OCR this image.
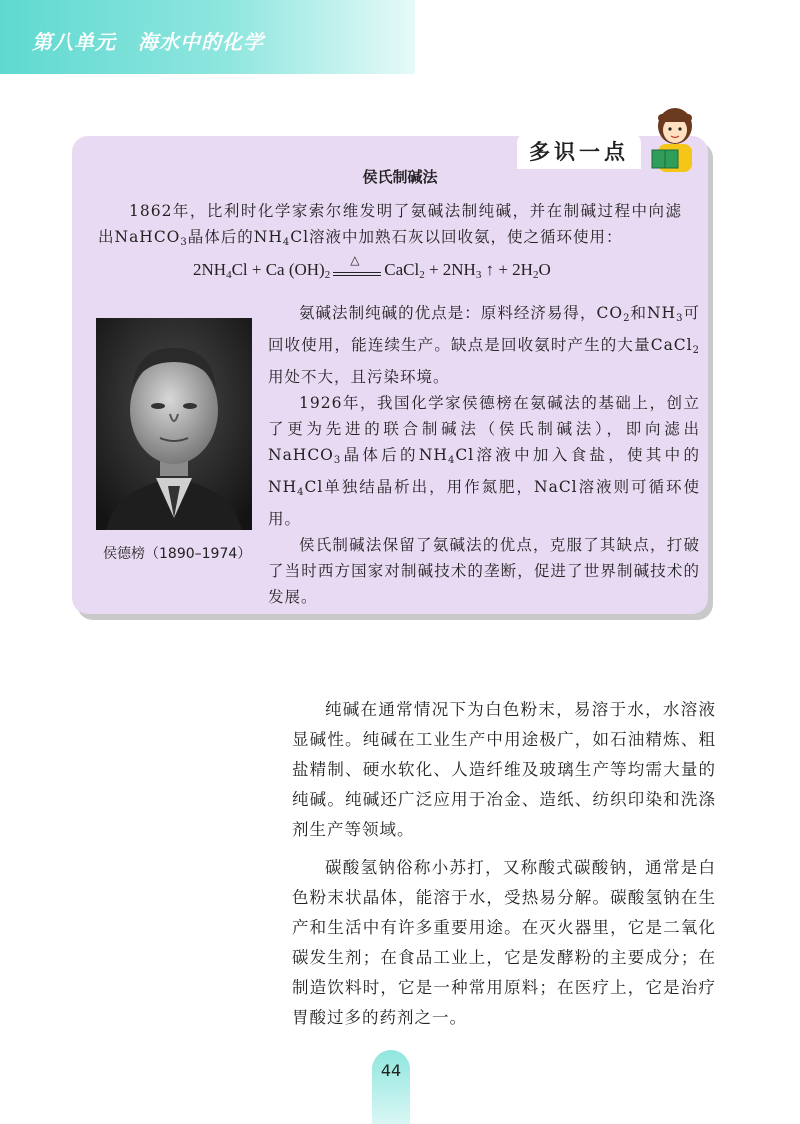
第八单元 海水中的化学
多识一点
侯氏制碱法
1862年，比利时化学家索尔维发明了氨碱法制纯碱，并在制碱过程中向滤出NaHCO$_3$晶体后的$NH_4Cl$溶液中加熟石灰以回收氨，使之循环使用：
$2NH_4Cl + Ca$ $(OH)_2$
△ CaCl$_2$ + $2NH_3$ ↑ + $2H_2O$
侯德榜（1890–1974）

氨碱法制纯碱的优点是：原料经济易得，$CO_2$和$NH_3$可回收使用，能连续生产。缺点是回收氨时产生的大量CaCl$_2$用处不大，且污染环境。

1926年，我国化学家侯德榜在氨碱法的基础上，创立了更为先进的联合制碱法（侯氏制碱法），即向滤出NaHCO$_3$晶体后的$NH_4Cl$溶液中加入食盐，使其中的$NH_4Cl$单独结晶析出，用作氮肥，NaCl溶液则可循环使用。

侯氏制碱法保留了氨碱法的优点，克服了其缺点，打破了当时西方国家对制碱技术的垄断，促进了世界制碱技术的发展。

纯碱在通常情况下为白色粉末，易溶于水，水溶液显碱性。纯碱在工业生产中用途极广，如石油精炼、粗盐精制、硬水软化、人造纤维及玻璃生产等均需大量的纯碱。纯碱还广泛应用于冶金、造纸、纺织印染和洗涤剂生产等领域。

碳酸氢钠俗称小苏打，又称酸式碳酸钠，通常是白色粉末状晶体，能溶于水，受热易分解。碳酸氢钠在生产和生活中有许多重要用途。在灭火器里，它是二氧化碳发生剂；在食品工业上，它是发酵粉的主要成分；在制造饮料时，它是一种常用原料；在医疗上，它是治疗胃酸过多的药剂之一。

44
